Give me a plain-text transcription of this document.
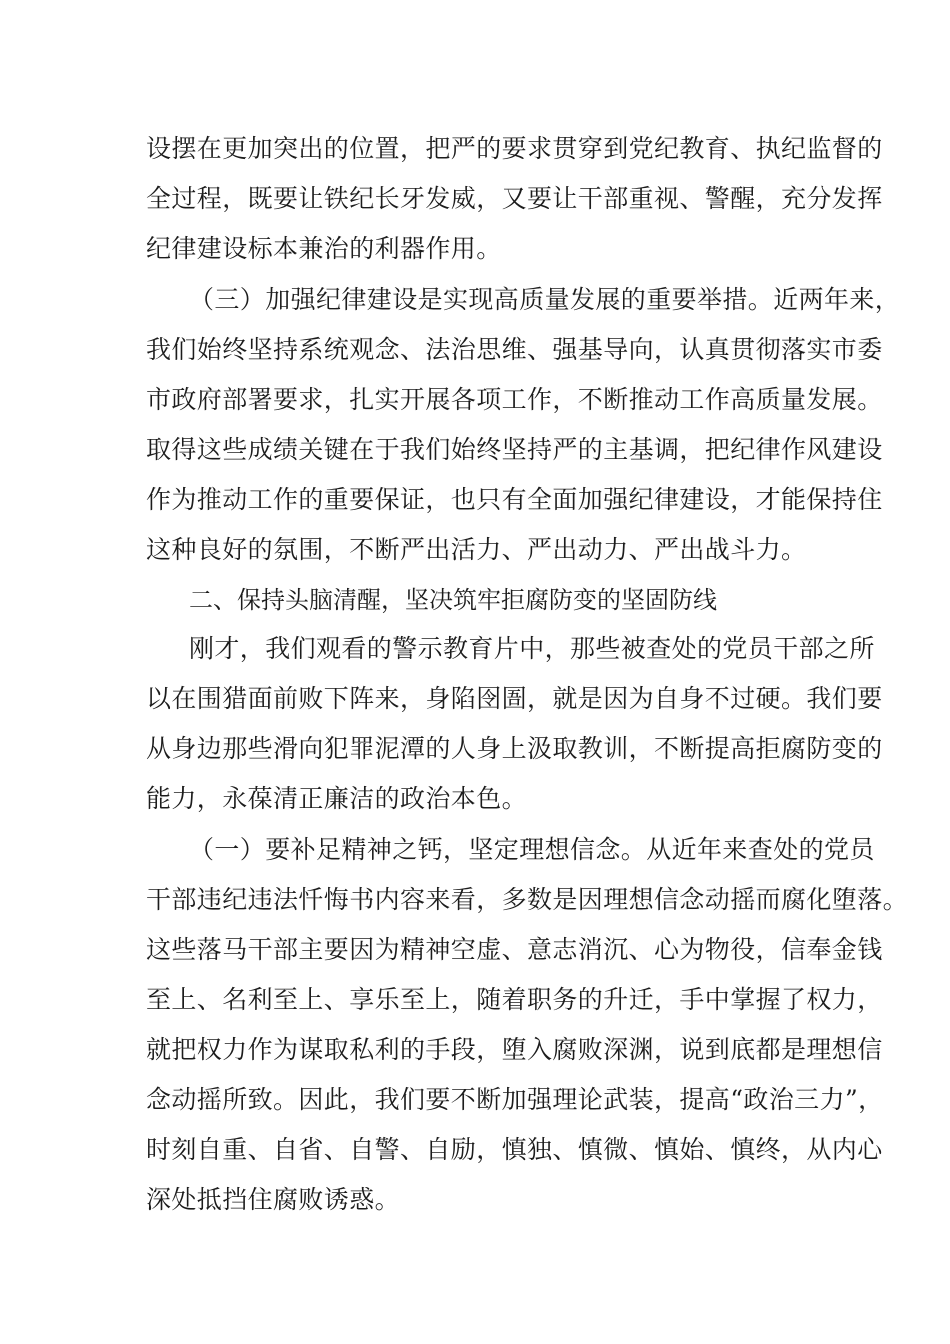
设摆在更加突出的位置，把严的要求贯穿到党纪教育、执纪监督的
全过程，既要让铁纪长牙发威，又要让干部重视、警醒，充分发挥
纪律建设标本兼治的利器作用。
（三）加强纪律建设是实现高质量发展的重要举措。近两年来，
我们始终坚持系统观念、法治思维、强基导向，认真贯彻落实市委
市政府部署要求，扎实开展各项工作，不断推动工作高质量发展。
取得这些成绩关键在于我们始终坚持严的主基调，把纪律作风建设
作为推动工作的重要保证，也只有全面加强纪律建设，才能保持住
这种良好的氛围，不断严出活力、严出动力、严出战斗力。
二、保持头脑清醒，坚决筑牢拒腐防变的坚固防线
刚才，我们观看的警示教育片中，那些被查处的党员干部之所
以在围猎面前败下阵来，身陷囹圄，就是因为自身不过硬。我们要
从身边那些滑向犯罪泥潭的人身上汲取教训，不断提高拒腐防变的
能力，永葆清正廉洁的政治本色。
（一）要补足精神之钙，坚定理想信念。从近年来查处的党员
干部违纪违法忏悔书内容来看，多数是因理想信念动摇而腐化堕落。
这些落马干部主要因为精神空虚、意志消沉、心为物役，信奉金钱
至上、名利至上、享乐至上，随着职务的升迁，手中掌握了权力，
就把权力作为谋取私利的手段，堕入腐败深渊，说到底都是理想信
念动摇所致。因此，我们要不断加强理论武装，提高“政治三力”，
时刻自重、自省、自警、自励，慎独、慎微、慎始、慎终，从内心
深处抵挡住腐败诱惑。
